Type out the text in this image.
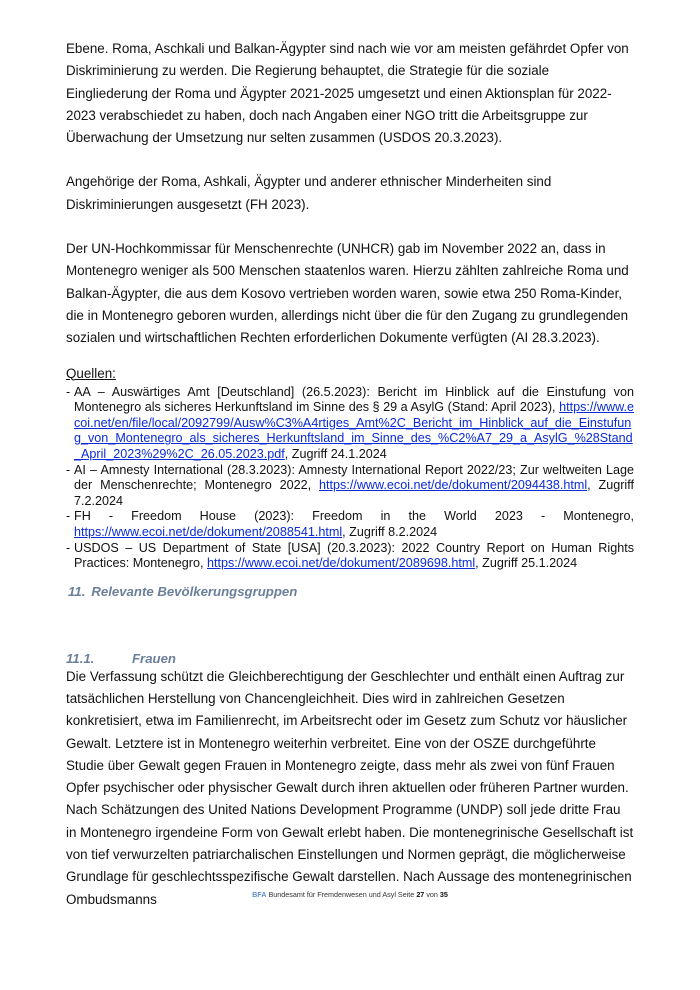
Ebene. Roma, Aschkali und Balkan-Ägypter sind nach wie vor am meisten gefährdet Opfer von Diskriminierung zu werden. Die Regierung behauptet, die Strategie für die soziale Eingliederung der Roma und Ägypter 2021-2025 umgesetzt und einen Aktionsplan für 2022-2023 verabschiedet zu haben, doch nach Angaben einer NGO tritt die Arbeitsgruppe zur Überwachung der Umsetzung nur selten zusammen (USDOS 20.3.2023).

Angehörige der Roma, Ashkali, Ägypter und anderer ethnischer Minderheiten sind Diskriminierungen ausgesetzt (FH 2023).

Der UN-Hochkommissar für Menschenrechte (UNHCR) gab im November 2022 an, dass in Montenegro weniger als 500 Menschen staatenlos waren. Hierzu zählten zahlreiche Roma und Balkan-Ägypter, die aus dem Kosovo vertrieben worden waren, sowie etwa 250 Roma-Kinder, die in Montenegro geboren wurden, allerdings nicht über die für den Zugang zu grundlegenden sozialen und wirtschaftlichen Rechten erforderlichen Dokumente verfügten (AI 28.3.2023).

Quellen:
- AA – Auswärtiges Amt [Deutschland] (26.5.2023): Bericht im Hinblick auf die Einstufung von Montenegro als sicheres Herkunftsland im Sinne des § 29 a AsylG (Stand: April 2023), https://www.ecoi.net/en/file/local/2092799/Ausw%C3%A4rtiges_Amt%2C_Bericht_im_Hinblick_auf_die_Einstufung_von_Montenegro_als_sicheres_Herkunftsland_im_Sinne_des_%C2%A7_29_a_AsylG_%28Stand_April_2023%29%2C_26.05.2023.pdf, Zugriff 24.1.2024
- AI – Amnesty International (28.3.2023): Amnesty International Report 2022/23; Zur weltweiten Lage der Menschenrechte; Montenegro 2022, https://www.ecoi.net/de/dokument/2094438.html, Zugriff 7.2.2024
- FH - Freedom House (2023): Freedom in the World 2023 - Montenegro, https://www.ecoi.net/de/dokument/2088541.html, Zugriff 8.2.2024
- USDOS – US Department of State [USA] (20.3.2023): 2022 Country Report on Human Rights Practices: Montenegro, https://www.ecoi.net/de/dokument/2089698.html, Zugriff 25.1.2024
11. Relevante Bevölkerungsgruppen
11.1.	Frauen

Die Verfassung schützt die Gleichberechtigung der Geschlechter und enthält einen Auftrag zur tatsächlichen Herstellung von Chancengleichheit. Dies wird in zahlreichen Gesetzen konkretisiert, etwa im Familienrecht, im Arbeitsrecht oder im Gesetz zum Schutz vor häuslicher Gewalt. Letztere ist in Montenegro weiterhin verbreitet. Eine von der OSZE durchgeführte Studie über Gewalt gegen Frauen in Montenegro zeigte, dass mehr als zwei von fünf Frauen Opfer psychischer oder physischer Gewalt durch ihren aktuellen oder früheren Partner wurden. Nach Schätzungen des United Nations Development Programme (UNDP) soll jede dritte Frau in Montenegro irgendeine Form von Gewalt erlebt haben. Die montenegrinische Gesellschaft ist von tief verwurzelten patriarchalischen Einstellungen und Normen geprägt, die möglicherweise Grundlage für geschlechtsspezifische Gewalt darstellen. Nach Aussage des montenegrinischen Ombudsmanns	BFA Bundesamt für Fremdenwesen und Asyl Seite 27 von 35
